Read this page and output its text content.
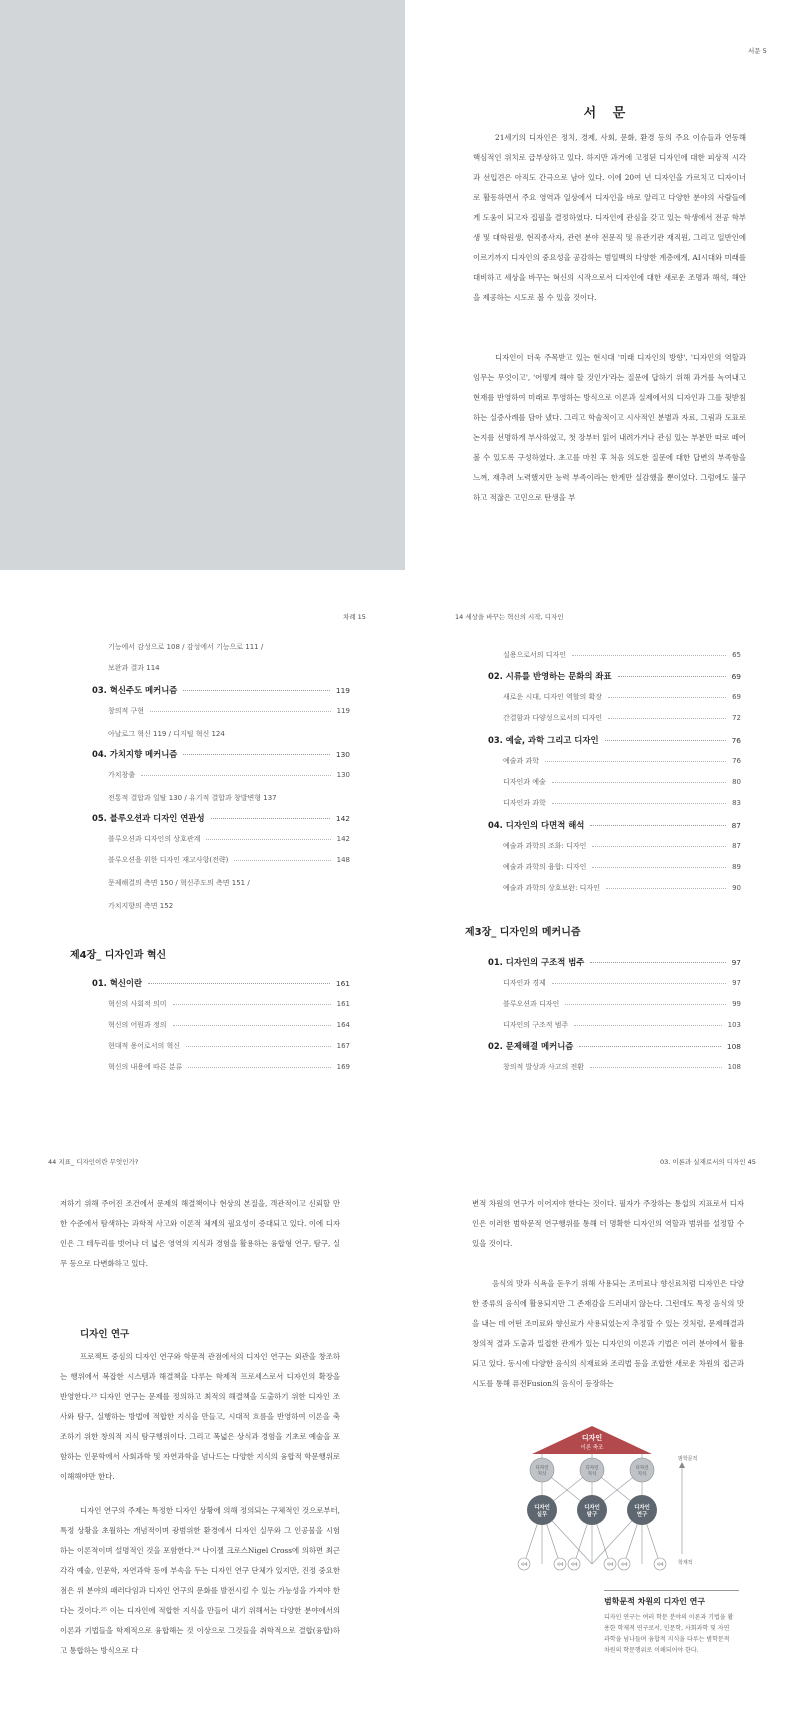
서문 5
서 문
21세기의 디자인은 정치, 경제, 사회, 문화, 환경 등의 주요 이슈들과 연동해 핵심적인 위치로 급부상하고 있다. 하지만 과거에 고정된 디자인에 대한 피상적 시각과 선입견은 아직도 간극으로 남아 있다. 이에 20여 년 디자인을 가르치고 디자이너로 활동하면서 주요 영역과 일상에서 디자인을 바로 알리고 다양한 분야의 사람들에게 도움이 되고자 집필을 결정하였다. 디자인에 관심을 갖고 있는 학생에서 전공 학부생 및 대학원생, 현직종사자, 관련 분야 전문직 및 유관기관 재직원, 그리고 일반인에 이르기까지 디자인의 중요성을 공감하는 범일백의 다양한 계층에게, AI시대와 미래를 대비하고 세상을 바꾸는 혁신의 시작으로서 디자인에 대한 새로운 조명과 해석, 해안을 제공하는 시도로 볼 수 있을 것이다.
디자인이 더욱 주목받고 있는 현시대 '미래 디자인의 방향', '디자인의 역할과 임무는 무엇이고', '어떻게 해야 할 것인가'라는 질문에 답하기 위해 과거를 녹여내고 현재를 반영하여 미래로 투영하는 방식으로 이론과 실제에서의 디자인과 그를 뒷받침하는 실증사례를 담아 냈다. 그리고 학술적이고 시사적인 분별과 자료, 그림과 도표로 논지를 선명하게 부사하였고, 첫 장부터 읽어 내려가거나 관심 있는 부분만 따로 떼어 볼 수 있도록 구성하였다. 초고를 마친 후 처음 의도한 질문에 대한 답변의 부족함을 느껴, 재추려 노력했지만 능력 부족이라는 한계만 실감했을 뿐이었다. 그럼에도 불구하고 적잖은 고민으로 탄생을 부
차례 15
기능에서 감성으로 108 / 감성에서 기능으로 111 /
보완과 결과 114
03. 혁신주도 메커니즘	119
창의적 구현	119
아날로그 혁신 119 / 디지털 혁신 124
04. 가치지향 메커니즘	130
가치창출	130
전통적 결합과 일탈 130 / 유기적 결합과 창발변형 137
05. 블루오션과 디자인 연관성	142
블루오션과 디자인의 상호관계	142
블루오션을 위한 디자인 재고사항(전략)	148
문제해결의 측면 150 / 혁신주도의 측면 151 /
가치지향의 측면 152
제4장_ 디자인과 혁신
01. 혁신이란	161
혁신의 사회적 의미	161
혁신의 어원과 정의	164
현대적 용어로서의 혁신	167
혁신의 내용에 따른 분류	169
14 세상을 바꾸는 혁신의 시작, 디자인
실용으로서의 디자인	65
02. 시류를 반영하는 문화의 좌표	69
새로운 시대, 디자인 역할의 확장	69
간결함과 다양성으로서의 디자인	72
03. 예술, 과학 그리고 디자인	76
예술과 과학	76
디자인과 예술	80
디자인과 과학	83
04. 디자인의 다면적 해석	87
예술과 과학의 조화: 디자인	87
예술과 과학의 융합: 디자인	89
예술과 과학의 상호보완: 디자인	90
제3장_ 디자인의 메커니즘
01. 디자인의 구조적 범주	97
디자인과 경제	97
블루오션과 디자인	99
디자인의 구조적 범주	103
02. 문제해결 메커니즘	108
창의적 발상과 사고의 전환	108
44 지표_ 디자인이란 무엇인가?	03. 이론과 실재로서의 디자인 45
저하기 위해 주어진 조건에서 문제의 해결책이나 현상의 본질을, 객관적이고 신뢰할 만한 수준에서 탐색하는 과학적 사고와 이론적 체계의 필요성이 증대되고 있다. 이에 디자인은 그 테두리를 벗어나 더 넓은 영역의 지식과 경험을 활용하는 융합형 연구, 탐구, 실무 등으로 다변화하고 있다.
디자인 연구
프로젝트 중심의 디자인 연구와 학문적 관점에서의 디자인 연구는 외관을 창조하는 행위에서 복잡한 시스템과 해결책을 다루는 학제적 프로세스로서 디자인의 확장을 반영한다.²³ 디자인 연구는 문제를 정의하고 최적의 해결책을 도출하기 위한 디자인 조사와 탐구, 실행하는 방법에 적합한 지식을 만들고, 시대적 흐름을 반영하여 이론을 축조하기 위한 창의적 지식 탐구행위이다. 그리고 폭넓은 상식과 경험을 기초로 예술을 포함하는 인문학에서 사회과학 및 자연과학을 넘나드는 다양한 지식의 융합적 학문행위로 이해해야만 한다.
디자인 연구의 주제는 특정한 디자인 상황에 의해 정의되는 구체적인 것으로부터, 특정 상황을 초월하는 개념적이며 광범위한 환경에서 디자인 실무와 그 인공물을 시험하는 이론적이며 설명적인 것을 포함한다.²⁴ 나이젤 크로스Nigel Cross에 의하면 최근 각각 예술, 인문학, 자연과학 등에 부속을 두는 디자인 연구 단체가 있지만, 진정 중요한 점은 위 분야의 패러다임과 디자인 연구의 문화를 발전시킬 수 있는 가능성을 가져야 한다는 것이다.²⁵ 이는 디자인에 적합한 지식을 만들어 내기 위해서는 다양한 분야에서의 이론과 기법들을 학제적으로 융합해는 것 이상으로 그것들을 취학적으로 결합(융합)하고 통합하는 방식으로 다
변적 차원의 연구가 이어져야 한다는 것이다. 필자가 주장하는 통섭의 지표로서 디자인은 이러한 범학문적 연구행위를 통해 더 명확한 디자인의 역할과 범위를 설정할 수 있을 것이다.
음식의 맛과 식욕을 돋우기 위해 사용되는 조미료나 향신료처럼 디자인은 다양한 종류의 음식에 활용되지만 그 존재감을 드러내지 않는다. 그런데도 특정 음식의 맛을 내는 데 어떤 조미료와 향신료가 사용되었는지 추정할 수 있는 것처럼, 문제해결과 창의적 결과 도출과 밀접한 관계가 있는 디자인의 이론과 기법은 여러 분야에서 활용되고 있다. 동시에 다양한 음식의 식재료와 조리법 등을 조합한 새로운 차원의 접근과 시도를 통해 퓨전Fusion의 음식이 등장하는
디자인
이론 축조
디자인
지식
디자인
지식
디자인
지식
디자인
실무
디자인
탐구
디자인
연구
내배	내배 내배	내배 내배	내배
범학문적
학제적
범학문적 차원의 디자인 연구
디자인 연구는 여러 학문 분야의 이론과 기법을 활용한 학제적 연구로서, 인문학, 사회과학 및 자연과학을 넘나들며 융합적 지식을 다루는 범학문적 차원의 학문행위로 이해되어야 한다.
